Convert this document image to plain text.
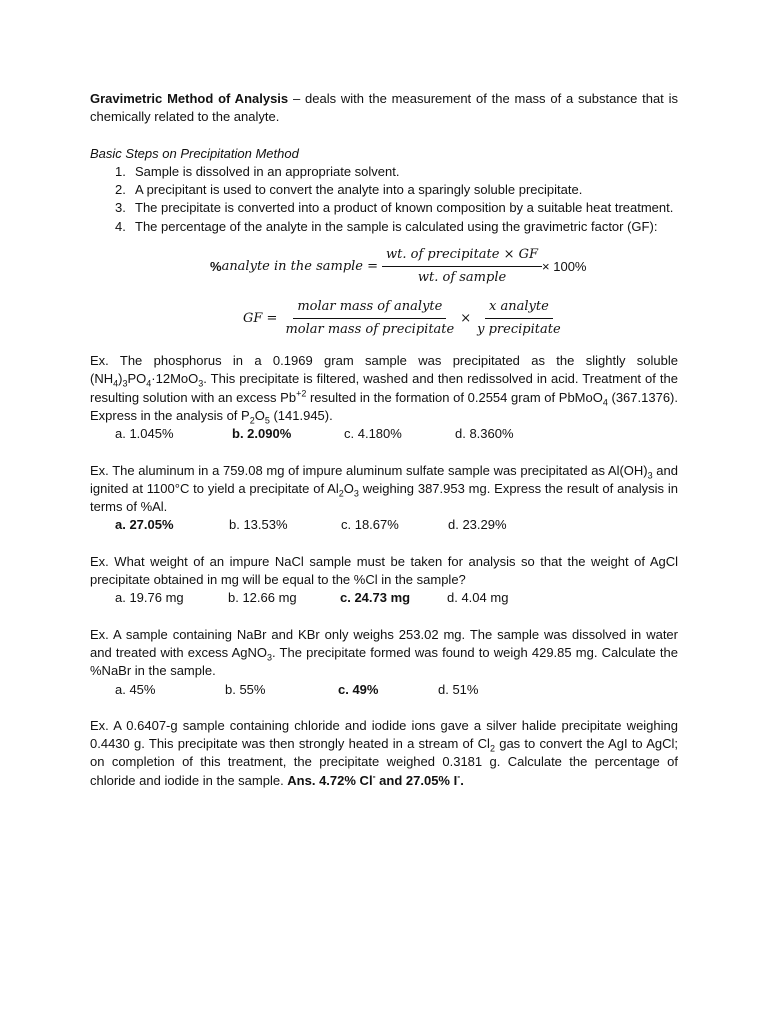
Gravimetric Method of Analysis – deals with the measurement of the mass of a substance that is chemically related to the analyte.

Basic Steps on Precipitation Method

1. Sample is dissolved in an appropriate solvent.
2. A precipitant is used to convert the analyte into a sparingly soluble precipitate.
3. The precipitate is converted into a product of known composition by a suitable heat treatment.
4. The percentage of the analyte in the sample is calculated using the gravimetric factor (GF):
% analyte in the sample = $\frac{\text{wt. of precipitate × GF}}{\text{wt. of sample}} \times 100\%$
GF = $\frac{\text{molar mass of analyte}}{\text{molar mass of precipitate}} \times \frac{\text{x analyte}}{\text{y precipitate}}$

Ex. The phosphorus in a 0.1969 gram sample was precipitated as the slightly soluble $(NH_4)_3PO_4\cdot 12MoO_3$. This precipitate is filtered, washed and then redissolved in acid. Treatment of the resulting solution with an excess $Pb^{+2}$ resulted in the formation of 0.2554 gram of PbMoO$_4$ (367.1376). Express in the analysis of $P_2O_5$ (141.945).

a. 1.045%	b. 2.090%	c. 4.180%	d. 8.360%

Ex. The aluminum in a 759.08 mg of impure aluminum sulfate sample was precipitated as $Al(OH)_3$ and ignited at 1100°C to yield a precipitate of $Al_2O_3$ weighing 387.953 mg. Express the result of analysis in terms of %Al.

a. 27.05%	b. 13.53%	c. 18.67%	d. 23.29%

Ex. What weight of an impure NaCl sample must be taken for analysis so that the weight of AgCl precipitate obtained in mg will be equal to the %Cl in the sample?

a. 19.76 mg	b. 12.66 mg	c. 24.73 mg	d. 4.04 mg

Ex. A sample containing NaBr and KBr only weighs 253.02 mg. The sample was dissolved in water and treated with excess AgNO$_3$. The precipitate formed was found to weigh 429.85 mg. Calculate the %NaBr in the sample.

a. 45%	b. 55%	c. 49%	d. 51%

Ex. A 0.6407-g sample containing chloride and iodide ions gave a silver halide precipitate weighing 0.4430 g. This precipitate was then strongly heated in a stream of $Cl_2$ gas to convert the AgI to AgCl; on completion of this treatment, the precipitate weighed 0.3181 g. Calculate the percentage of chloride and iodide in the sample. Ans. 4.72% Cl- and 27.05% I-.
